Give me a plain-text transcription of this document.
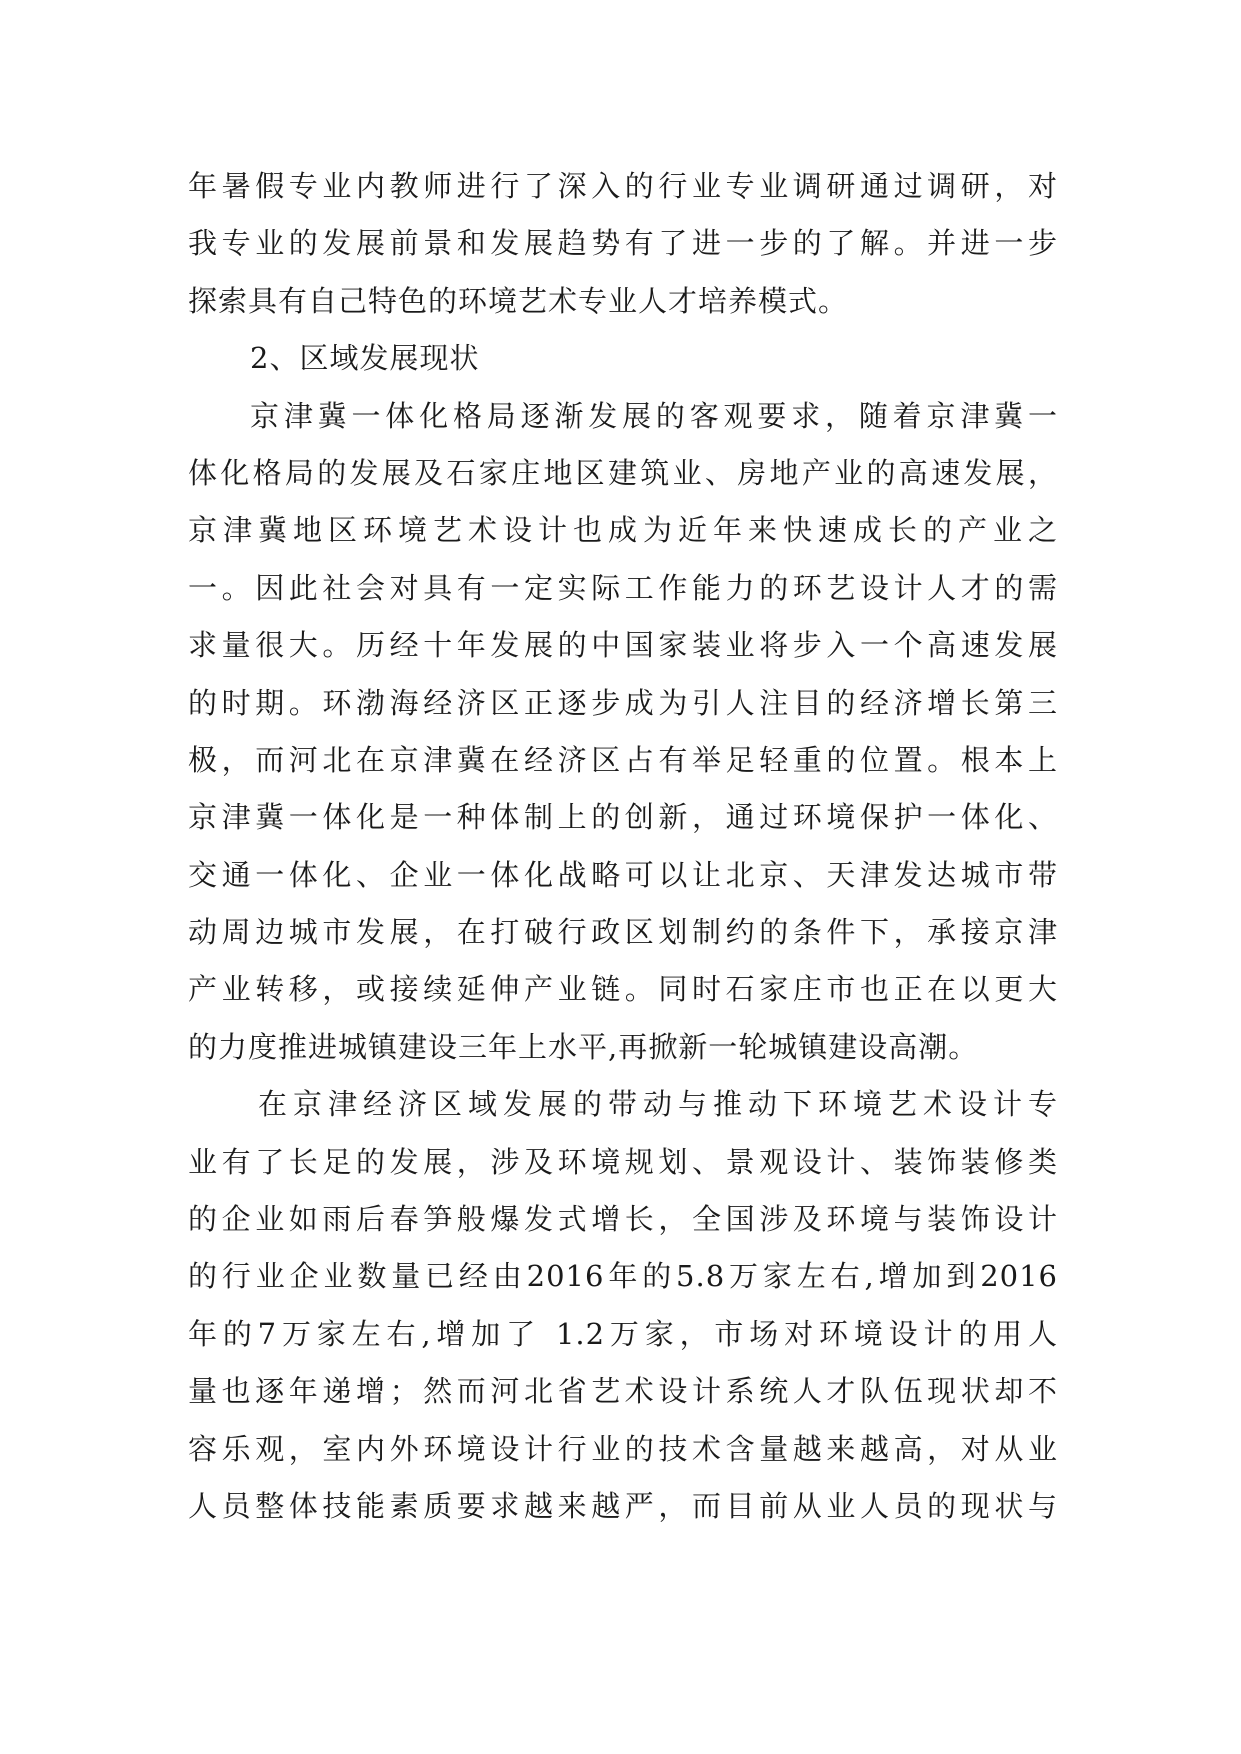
年暑假专业内教师进行了深入的行业专业调研通过调研，对
我专业的发展前景和发展趋势有了进一步的了解。并进一步
探索具有自己特色的环境艺术专业人才培养模式。
2、区域发展现状
京津冀一体化格局逐渐发展的客观要求，随着京津冀一
体化格局的发展及石家庄地区建筑业、房地产业的高速发展，
京津冀地区环境艺术设计也成为近年来快速成长的产业之
一。因此社会对具有一定实际工作能力的环艺设计人才的需
求量很大。历经十年发展的中国家装业将步入一个高速发展
的时期。环渤海经济区正逐步成为引人注目的经济增长第三
极，而河北在京津冀在经济区占有举足轻重的位置。根本上
京津冀一体化是一种体制上的创新，通过环境保护一体化、
交通一体化、企业一体化战略可以让北京、天津发达城市带
动周边城市发展，在打破行政区划制约的条件下，承接京津
产业转移，或接续延伸产业链。同时石家庄市也正在以更大
的力度推进城镇建设三年上水平,再掀新一轮城镇建设高潮。
在京津经济区域发展的带动与推动下环境艺术设计专
业有了长足的发展，涉及环境规划、景观设计、装饰装修类
的企业如雨后春笋般爆发式增长，全国涉及环境与装饰设计
的行业企业数量已经由2016年的5.8万家左右,增加到2016
年的7万家左右,增加了 1.2万家，市场对环境设计的用人
量也逐年递增；然而河北省艺术设计系统人才队伍现状却不
容乐观，室内外环境设计行业的技术含量越来越高，对从业
人员整体技能素质要求越来越严，而目前从业人员的现状与
